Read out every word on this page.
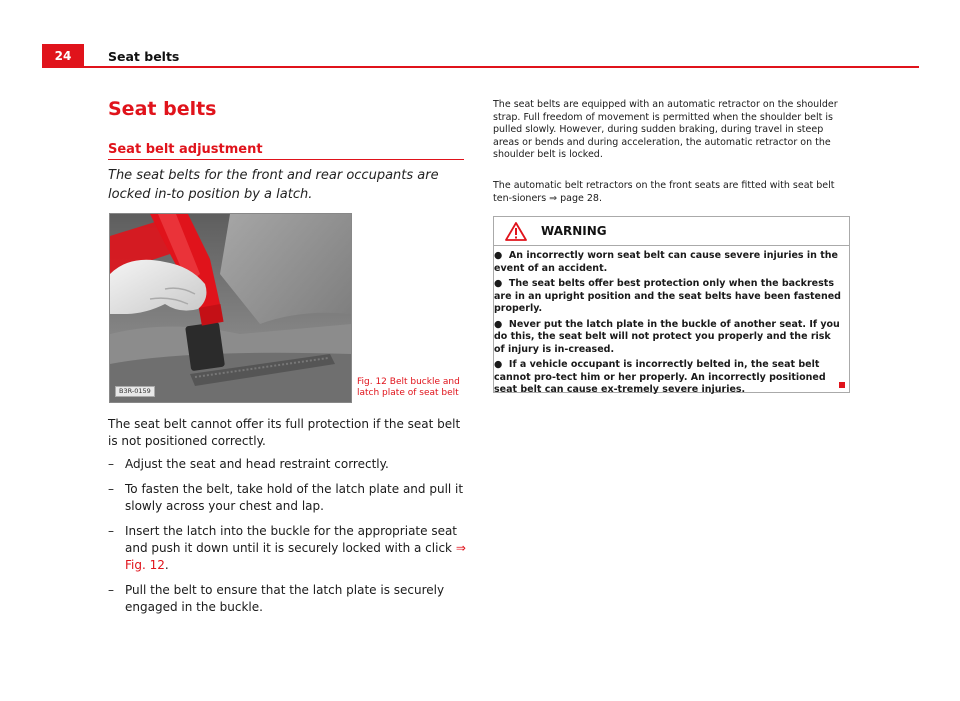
24	Seat belts
Seat belts
Seat belt adjustment

The seat belts for the front and rear occupants are locked in-to position by a latch.

B3R-0159

Fig. 12 Belt buckle and latch plate of seat belt

The seat belt cannot offer its full protection if the seat belt is not positioned correctly.

– Adjust the seat and head restraint correctly.
– To fasten the belt, take hold of the latch plate and pull it slowly across your chest and lap.
– Insert the latch into the buckle for the appropriate seat and push it down until it is securely locked with a click ⇒ Fig. 12.
– Pull the belt to ensure that the latch plate is securely engaged in the buckle.

The seat belts are equipped with an automatic retractor on the shoulder strap. Full freedom of movement is permitted when the shoulder belt is pulled slowly. However, during sudden braking, during travel in steep areas or bends and during acceleration, the automatic retractor on the shoulder belt is locked.

The automatic belt retractors on the front seats are fitted with seat belt ten-sioners ⇒ page 28.

WARNING
●  An incorrectly worn seat belt can cause severe injuries in the event of an accident.
●  The seat belts offer best protection only when the backrests are in an upright position and the seat belts have been fastened properly.
●  Never put the latch plate in the buckle of another seat. If you do this, the seat belt will not protect you properly and the risk of injury is in-creased.
●  If a vehicle occupant is incorrectly belted in, the seat belt cannot pro-tect him or her properly. An incorrectly positioned seat belt can cause ex-tremely severe injuries.
